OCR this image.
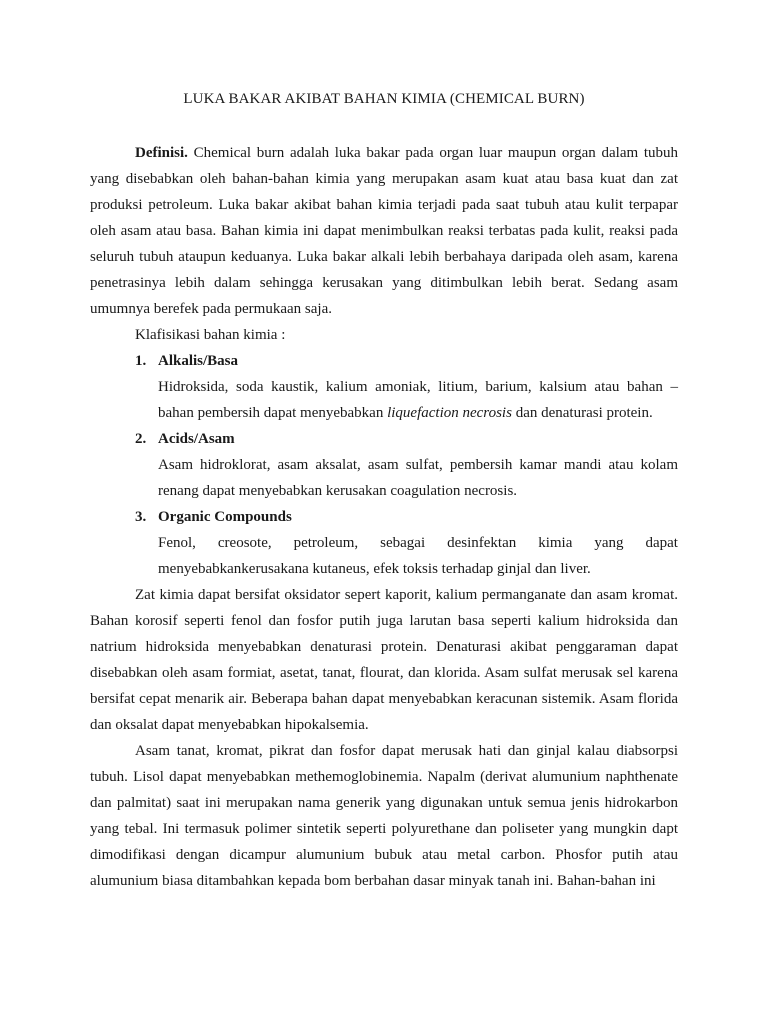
LUKA BAKAR AKIBAT BAHAN KIMIA (CHEMICAL BURN)

Definisi. Chemical burn adalah luka bakar pada organ luar maupun organ dalam tubuh yang disebabkan oleh bahan-bahan kimia yang merupakan asam kuat atau basa kuat dan zat produksi petroleum. Luka bakar akibat bahan kimia terjadi pada saat tubuh atau kulit terpapar oleh asam atau basa. Bahan kimia ini dapat menimbulkan reaksi terbatas pada kulit, reaksi pada seluruh tubuh ataupun keduanya. Luka bakar alkali lebih berbahaya daripada oleh asam, karena penetrasinya lebih dalam sehingga kerusakan yang ditimbulkan lebih berat. Sedang asam umumnya berefek pada permukaan saja.

Klafisikasi bahan kimia :

1. Alkalis/Basa

Hidroksida, soda kaustik, kalium amoniak, litium, barium, kalsium atau bahan – bahan pembersih dapat menyebabkan liquefaction necrosis dan denaturasi protein.

2. Acids/Asam

Asam hidroklorat, asam aksalat, asam sulfat, pembersih kamar mandi atau kolam renang dapat menyebabkan kerusakan coagulation necrosis.

3. Organic Compounds
Fenol, creosote, petroleum, sebagai desinfektan kimia yang dapat

menyebabkankerusakana kutaneus, efek toksis terhadap ginjal dan liver.

Zat kimia dapat bersifat oksidator sepert kaporit, kalium permanganate dan asam kromat. Bahan korosif seperti fenol dan fosfor putih juga larutan basa seperti kalium hidroksida dan natrium hidroksida menyebabkan denaturasi protein. Denaturasi akibat penggaraman dapat disebabkan oleh asam formiat, asetat, tanat, flourat, dan klorida. Asam sulfat merusak sel karena bersifat cepat menarik air. Beberapa bahan dapat menyebabkan keracunan sistemik. Asam florida dan oksalat dapat menyebabkan hipokalsemia.

Asam tanat, kromat, pikrat dan fosfor dapat merusak hati dan ginjal kalau diabsorpsi tubuh. Lisol dapat menyebabkan methemoglobinemia. Napalm (derivat alumunium naphthenate dan palmitat) saat ini merupakan nama generik yang digunakan untuk semua jenis hidrokarbon yang tebal. Ini termasuk polimer sintetik seperti polyurethane dan poliseter yang mungkin dapt dimodifikasi dengan dicampur alumunium bubuk atau metal carbon. Phosfor putih atau alumunium biasa ditambahkan kepada bom berbahan dasar minyak tanah ini. Bahan-bahan ini
